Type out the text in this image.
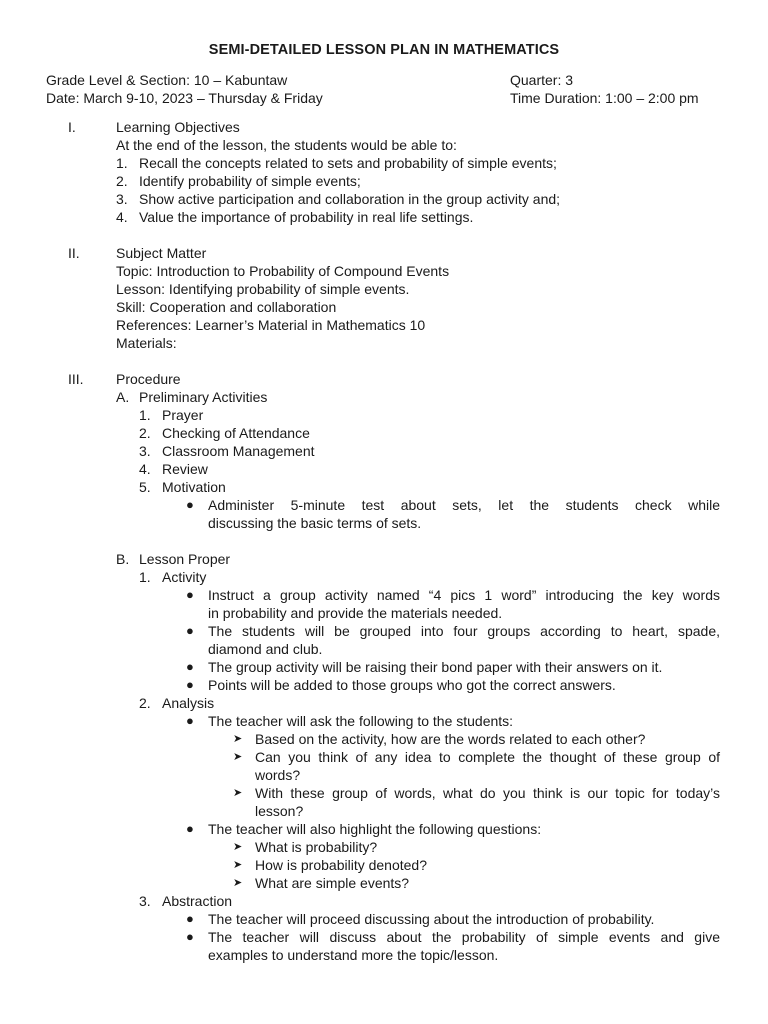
SEMI-DETAILED LESSON PLAN IN MATHEMATICS
Grade Level & Section: 10 – Kabuntaw	Quarter: 3
Date: March 9-10, 2023 – Thursday & Friday	Time Duration: 1:00 – 2:00 pm
I.	Learning Objectives
At the end of the lesson, the students would be able to:
1. Recall the concepts related to sets and probability of simple events;
2. Identify probability of simple events;
3. Show active participation and collaboration in the group activity and;
4. Value the importance of probability in real life settings.
II.	Subject Matter
Topic: Introduction to Probability of Compound Events
Lesson: Identifying probability of simple events.
Skill: Cooperation and collaboration
References: Learner’s Material in Mathematics 10
Materials:
III. Procedure
A. Preliminary Activities
1. Prayer
2. Checking of Attendance
3. Classroom Management
4. Review
5. Motivation
● Administer 5-minute test about sets, let the students check while
discussing the basic terms of sets.
B. Lesson Proper
1. Activity
● Instruct a group activity named “4 pics 1 word” introducing the key words
in probability and provide the materials needed.
● The students will be grouped into four groups according to heart, spade,
diamond and club.
● The group activity will be raising their bond paper with their answers on it.
● Points will be added to those groups who got the correct answers.
2. Analysis
● The teacher will ask the following to the students:
➤ Based on the activity, how are the words related to each other?
➤ Can you think of any idea to complete the thought of these group of
words?
➤ With these group of words, what do you think is our topic for today’s
lesson?
● The teacher will also highlight the following questions:
➤ What is probability?
➤ How is probability denoted?
➤ What are simple events?
3. Abstraction
● The teacher will proceed discussing about the introduction of probability.
● The teacher will discuss about the probability of simple events and give
examples to understand more the topic/lesson.
